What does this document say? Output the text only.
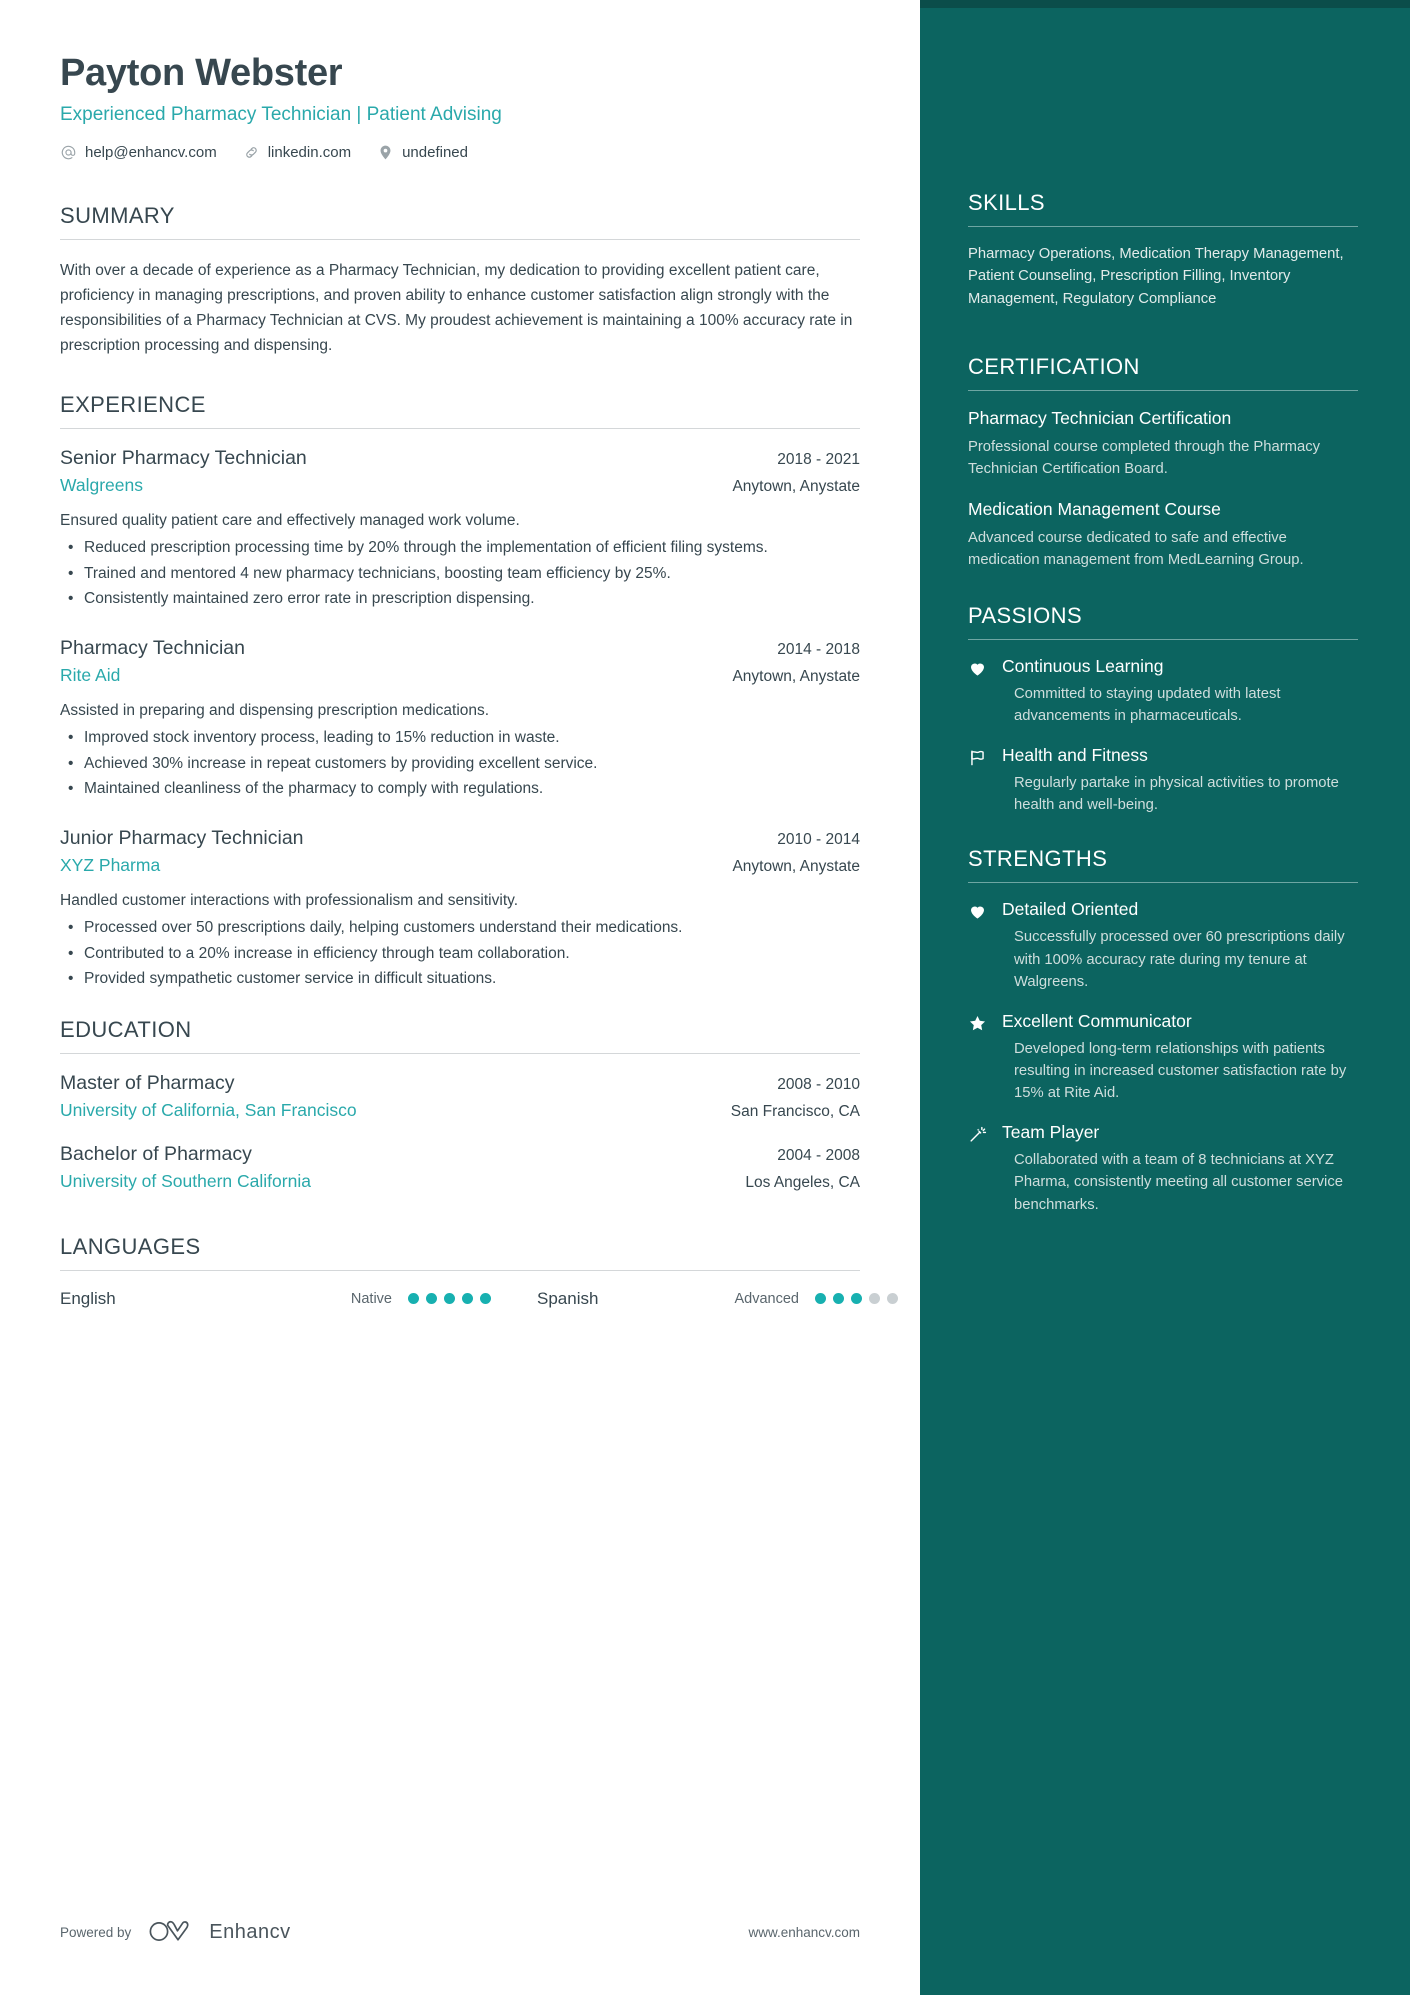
Payton Webster
Experienced Pharmacy Technician | Patient Advising
help@enhancv.com	linkedin.com	undefined
SUMMARY
With over a decade of experience as a Pharmacy Technician, my dedication to providing excellent patient care, proficiency in managing prescriptions, and proven ability to enhance customer satisfaction align strongly with the responsibilities of a Pharmacy Technician at CVS. My proudest achievement is maintaining a 100% accuracy rate in prescription processing and dispensing.
EXPERIENCE
Senior Pharmacy Technician	2018 - 2021
Walgreens	Anytown, Anystate
Ensured quality patient care and effectively managed work volume.
• Reduced prescription processing time by 20% through the implementation of efficient filing systems.
• Trained and mentored 4 new pharmacy technicians, boosting team efficiency by 25%.
• Consistently maintained zero error rate in prescription dispensing.
Pharmacy Technician	2014 - 2018
Rite Aid	Anytown, Anystate
Assisted in preparing and dispensing prescription medications.
• Improved stock inventory process, leading to 15% reduction in waste.
• Achieved 30% increase in repeat customers by providing excellent service.
• Maintained cleanliness of the pharmacy to comply with regulations.
Junior Pharmacy Technician	2010 - 2014
XYZ Pharma	Anytown, Anystate
Handled customer interactions with professionalism and sensitivity.
• Processed over 50 prescriptions daily, helping customers understand their medications.
• Contributed to a 20% increase in efficiency through team collaboration.
• Provided sympathetic customer service in difficult situations.
EDUCATION
Master of Pharmacy	2008 - 2010
University of California, San Francisco	San Francisco, CA
Bachelor of Pharmacy	2004 - 2008
University of Southern California	Los Angeles, CA
LANGUAGES
English	Native	Spanish	Advanced
Powered by	Enhancv	www.enhancv.com
SKILLS
Pharmacy Operations, Medication Therapy Management, Patient Counseling, Prescription Filling, Inventory Management, Regulatory Compliance
CERTIFICATION
Pharmacy Technician Certification
Professional course completed through the Pharmacy Technician Certification Board.
Medication Management Course
Advanced course dedicated to safe and effective medication management from MedLearning Group.
PASSIONS
Continuous Learning
Committed to staying updated with latest advancements in pharmaceuticals.
Health and Fitness
Regularly partake in physical activities to promote health and well-being.
STRENGTHS
Detailed Oriented
Successfully processed over 60 prescriptions daily with 100% accuracy rate during my tenure at Walgreens.
Excellent Communicator
Developed long-term relationships with patients resulting in increased customer satisfaction rate by 15% at Rite Aid.
Team Player
Collaborated with a team of 8 technicians at XYZ Pharma, consistently meeting all customer service benchmarks.
